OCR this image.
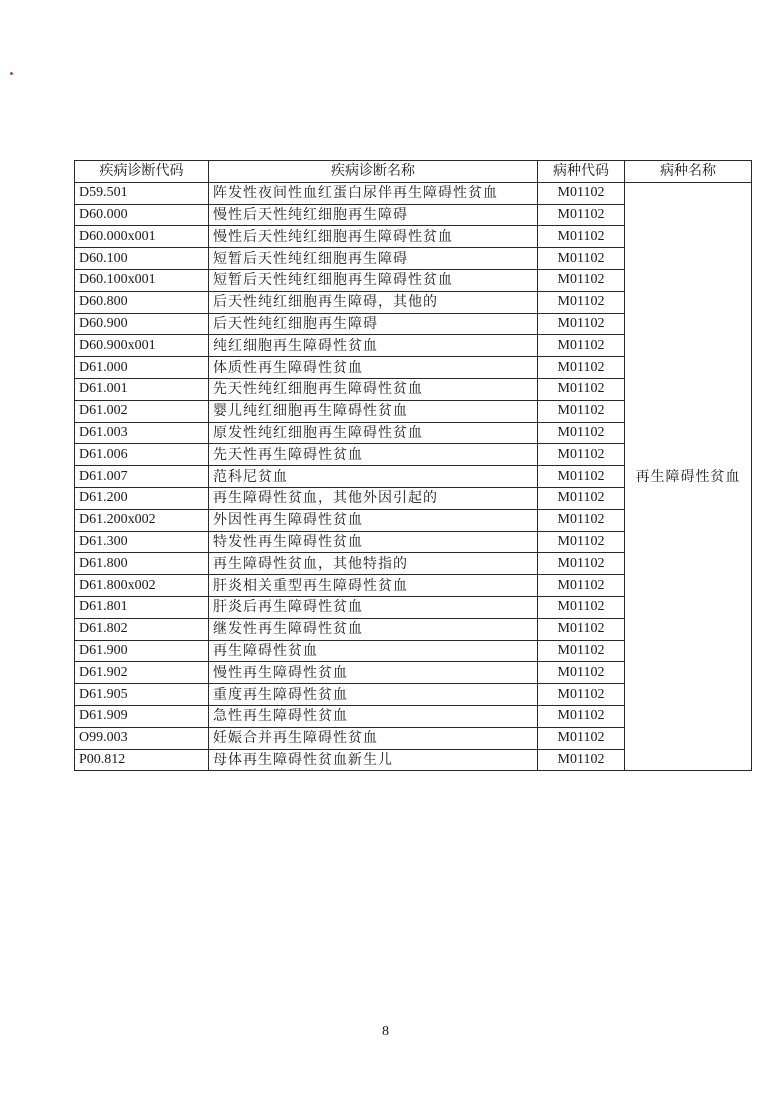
疾病诊断代码	疾病诊断名称	病种代码	病种名称
D59.501	阵发性夜间性血红蛋白尿伴再生障碍性贫血	M01102	再生障碍性贫血
D60.000	慢性后天性纯红细胞再生障碍	M01102	
D60.000x001	慢性后天性纯红细胞再生障碍性贫血	M01102	
D60.100	短暂后天性纯红细胞再生障碍	M01102	
D60.100x001	短暂后天性纯红细胞再生障碍性贫血	M01102	
D60.800	后天性纯红细胞再生障碍，其他的	M01102	
D60.900	后天性纯红细胞再生障碍	M01102	
D60.900x001	纯红细胞再生障碍性贫血	M01102	
D61.000	体质性再生障碍性贫血	M01102	
D61.001	先天性纯红细胞再生障碍性贫血	M01102	
D61.002	婴儿纯红细胞再生障碍性贫血	M01102	
D61.003	原发性纯红细胞再生障碍性贫血	M01102	
D61.006	先天性再生障碍性贫血	M01102	
D61.007	范科尼贫血	M01102	
D61.200	再生障碍性贫血，其他外因引起的	M01102	
D61.200x002	外因性再生障碍性贫血	M01102	
D61.300	特发性再生障碍性贫血	M01102	
D61.800	再生障碍性贫血，其他特指的	M01102	
D61.800x002	肝炎相关重型再生障碍性贫血	M01102	
D61.801	肝炎后再生障碍性贫血	M01102	
D61.802	继发性再生障碍性贫血	M01102	
D61.900	再生障碍性贫血	M01102	
D61.902	慢性再生障碍性贫血	M01102	
D61.905	重度再生障碍性贫血	M01102	
D61.909	急性再生障碍性贫血	M01102	
O99.003	妊娠合并再生障碍性贫血	M01102	
P00.812	母体再生障碍性贫血新生儿	M01102	
8
